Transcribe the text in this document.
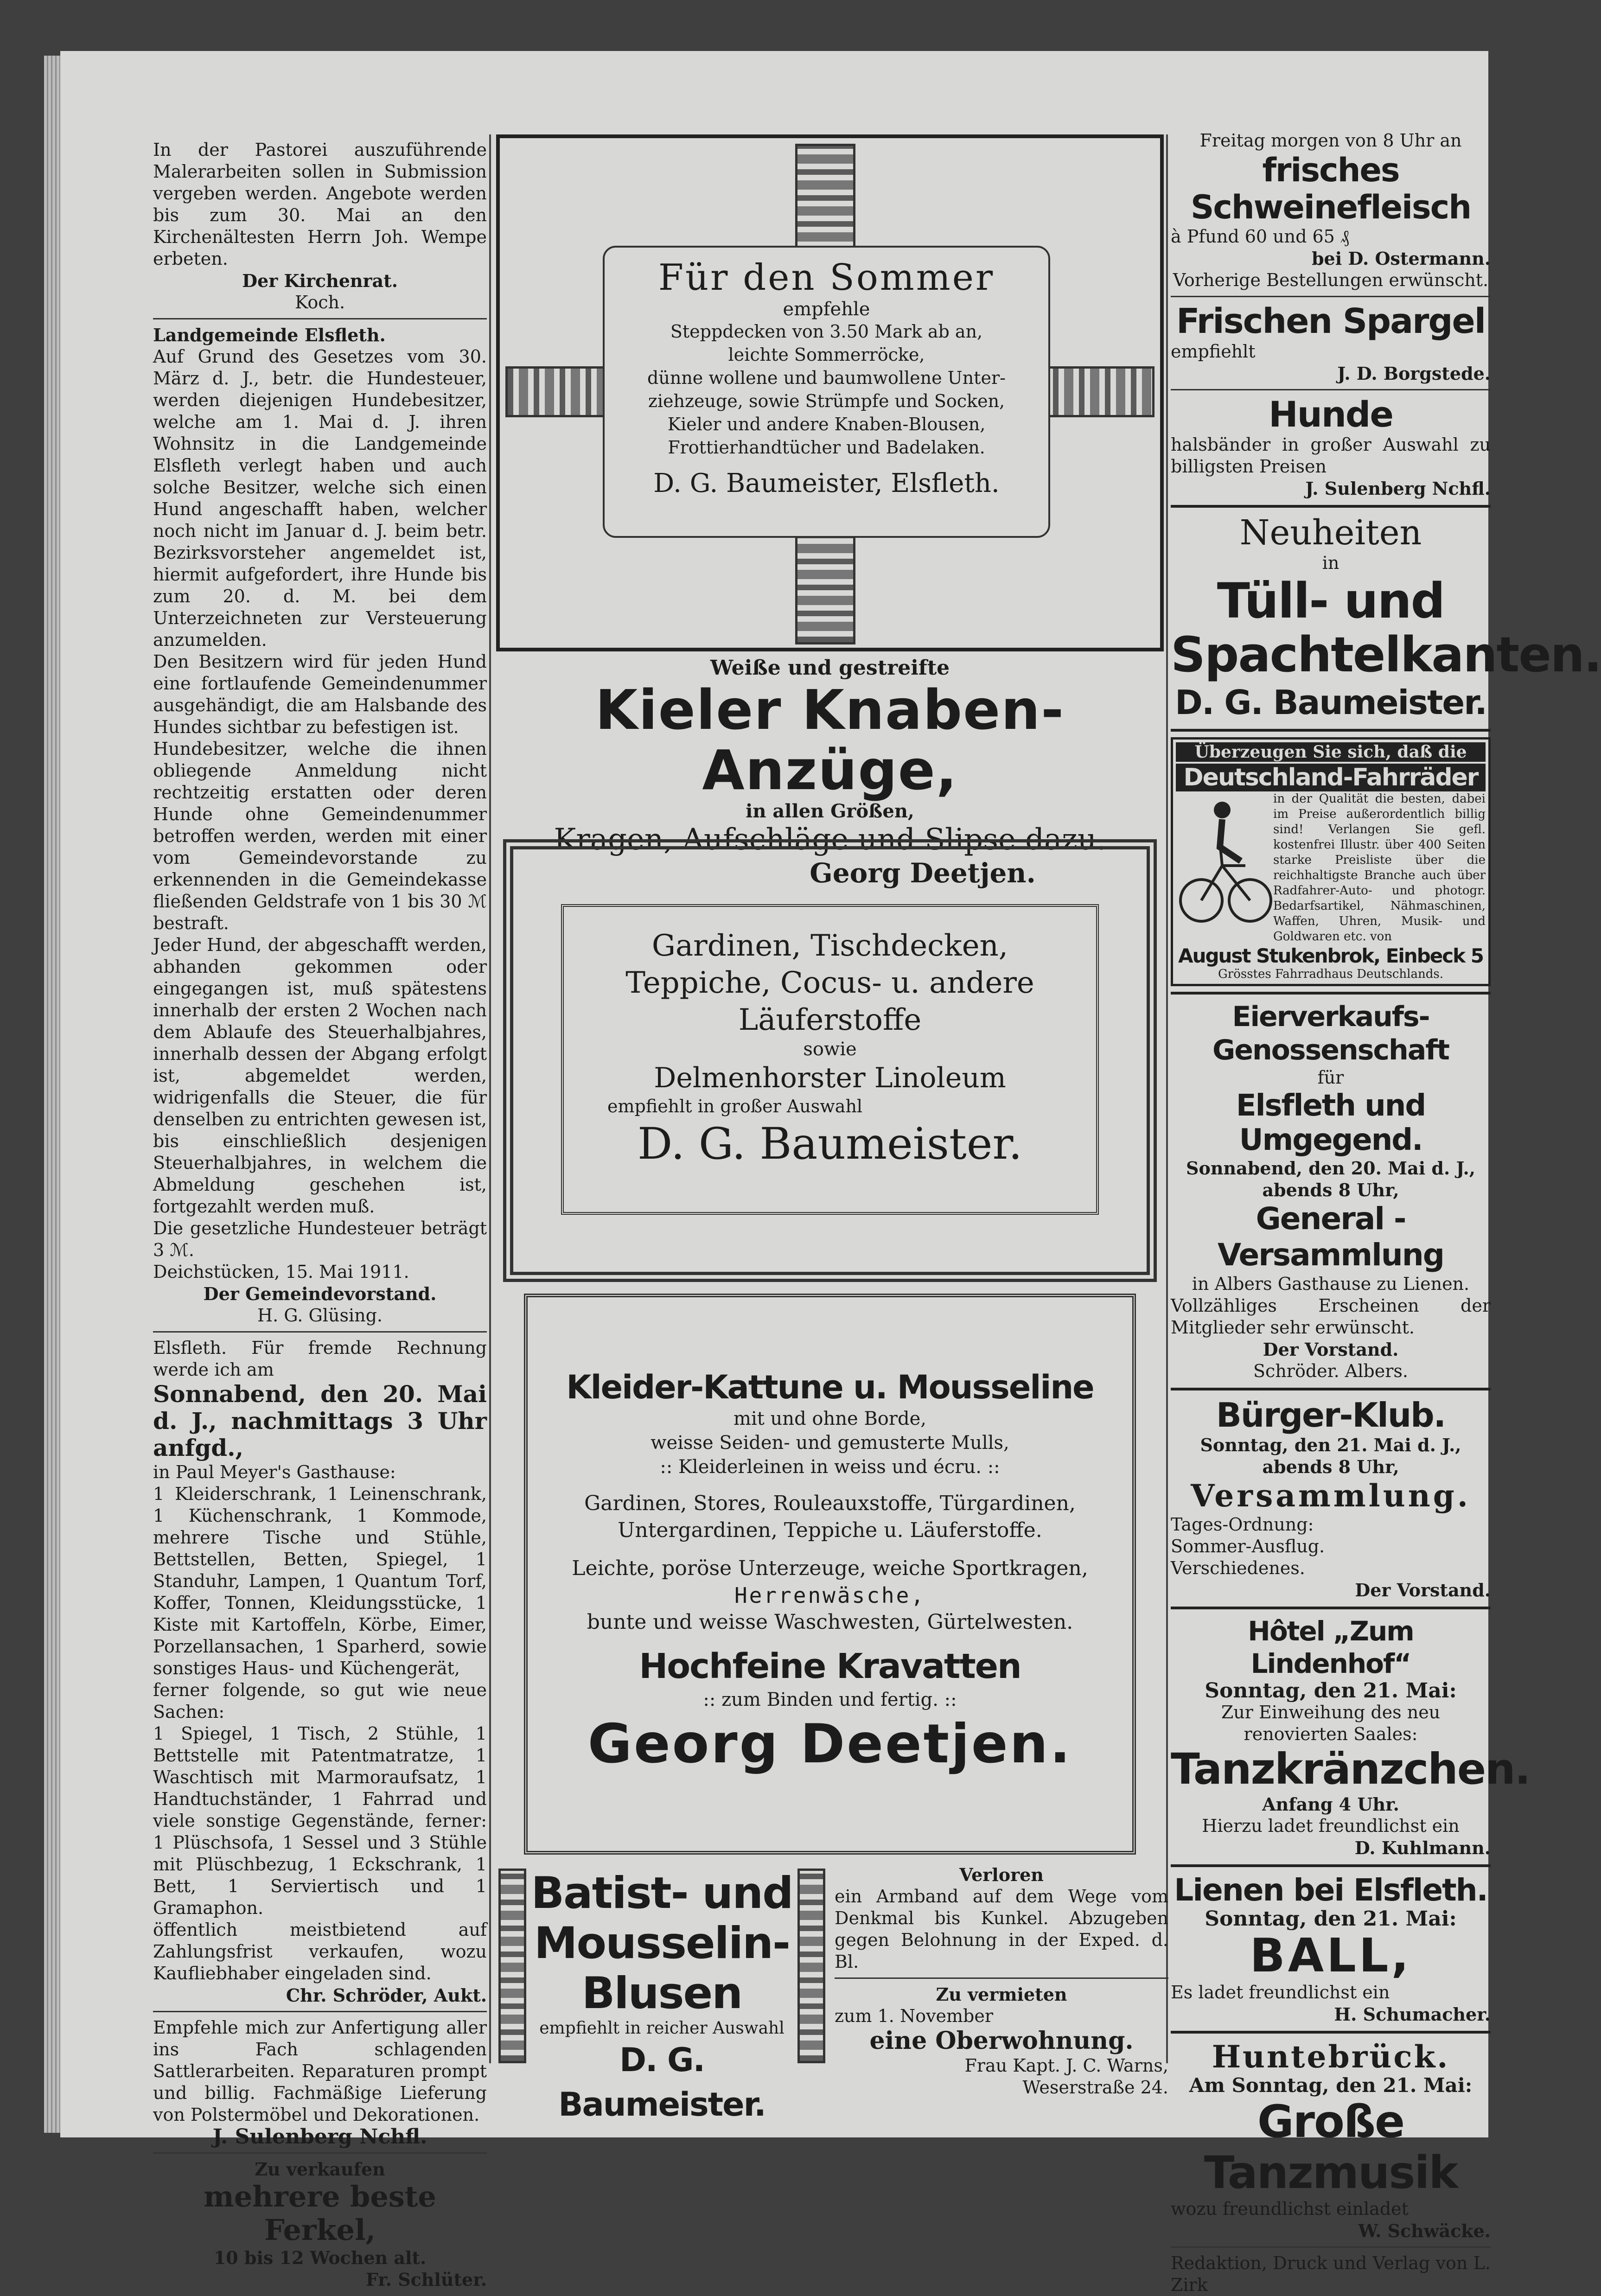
In der Pastorei auszuführende Malerarbeiten sollen in Submission vergeben werden. Angebote werden bis zum 30. Mai an den Kirchenältesten Herrn Joh. Wempe erbeten.

Der Kirchenrat.

Koch.

Landgemeinde Elsfleth.

Auf Grund des Gesetzes vom 30. März d. J., betr. die Hundesteuer, werden diejenigen Hundebesitzer, welche am 1. Mai d. J. ihren Wohnsitz in die Landgemeinde Elsfleth verlegt haben und auch solche Besitzer, welche sich einen Hund angeschafft haben, welcher noch nicht im Januar d. J. beim betr. Bezirksvorsteher angemeldet ist, hiermit aufgefordert, ihre Hunde bis zum 20. d. M. bei dem Unterzeichneten zur Versteuerung anzumelden.

Den Besitzern wird für jeden Hund eine fortlaufende Gemeindenummer ausgehändigt, die am Halsbande des Hundes sichtbar zu befestigen ist.

Hundebesitzer, welche die ihnen obliegende Anmeldung nicht rechtzeitig erstatten oder deren Hunde ohne Gemeindenummer betroffen werden, werden mit einer vom Gemeindevorstande zu erkennenden in die Gemeindekasse fließenden Geldstrafe von 1 bis 30 ℳ bestraft.

Jeder Hund, der abgeschafft werden, abhanden gekommen oder eingegangen ist, muß spätestens innerhalb der ersten 2 Wochen nach dem Ablaufe des Steuerhalbjahres, innerhalb dessen der Abgang erfolgt ist, abgemeldet werden, widrigenfalls die Steuer, die für denselben zu entrichten gewesen ist, bis einschließlich desjenigen Steuerhalbjahres, in welchem die Abmeldung geschehen ist, fortgezahlt werden muß.

Die gesetzliche Hundesteuer beträgt 3 ℳ.

Deichstücken, 15. Mai 1911.

Der Gemeindevorstand.

H. G. Glüsing.

Elsfleth. Für fremde Rechnung werde ich am

Sonnabend, den 20. Mai d. J., nachmittags 3 Uhr anfgd.,

in Paul Meyer's Gasthause:

1 Kleiderschrank, 1 Leinenschrank, 1 Küchenschrank, 1 Kommode, mehrere Tische und Stühle, Bettstellen, Betten, Spiegel, 1 Standuhr, Lampen, 1 Quantum Torf, Koffer, Tonnen, Kleidungsstücke, 1 Kiste mit Kartoffeln, Körbe, Eimer, Porzellansachen, 1 Sparherd, sowie sonstiges Haus- und Küchengerät,

ferner folgende, so gut wie neue Sachen:

1 Spiegel, 1 Tisch, 2 Stühle, 1 Bettstelle mit Patentmatratze, 1 Waschtisch mit Marmoraufsatz, 1 Handtuchständer, 1 Fahrrad und viele sonstige Gegenstände, ferner: 1 Plüschsofa, 1 Sessel und 3 Stühle mit Plüschbezug, 1 Eckschrank, 1 Bett, 1 Serviertisch und 1 Gramaphon.

öffentlich meistbietend auf Zahlungsfrist verkaufen, wozu Kaufliebhaber eingeladen sind.

Chr. Schröder, Aukt.

Empfehle mich zur Anfertigung aller ins Fach schlagenden Sattlerarbeiten. Reparaturen prompt und billig. Fachmäßige Lieferung von Polstermöbel und Dekorationen.

J. Sulenberg Nchfl.

Zu verkaufen

mehrere beste Ferkel,

10 bis 12 Wochen alt.

Fr. Schlüter.

Für den Sommer
empfehle
Steppdecken von 3.50 Mark ab an,
leichte Sommerröcke,
dünne wollene und baumwollene Unter-
ziehzeuge, sowie Strümpfe und Socken,
Kieler und andere Knaben-Blousen,
Frottierhandtücher und Badelaken.
D. G. Baumeister, Elsfleth.
Weiße und gestreifte
Kieler Knaben-Anzüge,
in allen Größen,
Kragen, Aufschläge und Slipse dazu.
Georg Deetjen.
Gardinen, Tischdecken,
Teppiche, Cocus- u. andere Läuferstoffe
sowie
Delmenhorster Linoleum
empfiehlt in großer Auswahl
D. G. Baumeister.
Kleider-Kattune u. Mousseline
mit und ohne Borde,
weisse Seiden- und gemusterte Mulls,
:: Kleiderleinen in weiss und écru. ::
Gardinen, Stores, Rouleauxstoffe, Türgardinen,
Untergardinen, Teppiche u. Läuferstoffe.
Leichte, poröse Unterzeuge, weiche Sportkragen,
Herrenwäsche,
bunte und weisse Waschwesten, Gürtelwesten.
Hochfeine Kravatten
:: zum Binden und fertig. ::
Georg Deetjen.
Batist- und Mousselin-Blusen
empfiehlt in reicher Auswahl
D. G. Baumeister.

Verloren

ein Armband auf dem Wege vom Denkmal bis Kunkel. Abzugeben gegen Belohnung in der Exped. d. Bl.

Zu vermieten

zum 1. November

eine Oberwohnung.

Frau Kapt. J. C. Warns,

Weserstraße 24.

Freitag morgen von 8 Uhr an

frisches Schweinefleisch

à Pfund 60 und 65 ₰

bei D. Ostermann.

Vorherige Bestellungen erwünscht.

Frischen Spargel

empfiehlt

J. D. Borgstede.

Hunde

halsbänder in großer Auswahl zu billigsten Preisen

J. Sulenberg Nchfl.

Neuheiten

in

Tüll- und Spachtelkanten.

D. G. Baumeister.

Überzeugen Sie sich, daß die
Deutschland-Fahrräder
in der Qualität die besten, dabei im Preise außerordentlich billig sind! Verlangen Sie gefl. kostenfrei Illustr. über 400 Seiten starke Preisliste über die reichhaltigste Branche auch über Radfahrer-Auto- und photogr. Bedarfsartikel, Nähmaschinen, Waffen, Uhren, Musik- und Goldwaren etc. von
August Stukenbrok, Einbeck 5
Grösstes Fahrradhaus Deutschlands.

Eierverkaufs-Genossenschaft

für

Elsfleth und Umgegend.

Sonnabend, den 20. Mai d. J., abends 8 Uhr,

General - Versammlung

in Albers Gasthause zu Lienen.

Vollzähliges Erscheinen der Mitglieder sehr erwünscht.

Der Vorstand.

Schröder. Albers.

Bürger-Klub.

Sonntag, den 21. Mai d. J., abends 8 Uhr,

Versammlung.

Tages-Ordnung:

Sommer-Ausflug.

Verschiedenes.

Der Vorstand.

Hôtel „Zum Lindenhof“

Sonntag, den 21. Mai:

Zur Einweihung des neu renovierten Saales:

Tanzkränzchen.

Anfang 4 Uhr.

Hierzu ladet freundlichst ein

D. Kuhlmann.

Lienen bei Elsfleth.

Sonntag, den 21. Mai:

BALL,

Es ladet freundlichst ein

H. Schumacher.

Huntebrück.

Am Sonntag, den 21. Mai:

Große Tanzmusik

wozu freundlichst einladet

W. Schwäcke.

Redaktion, Druck und Verlag von L. Zirk
